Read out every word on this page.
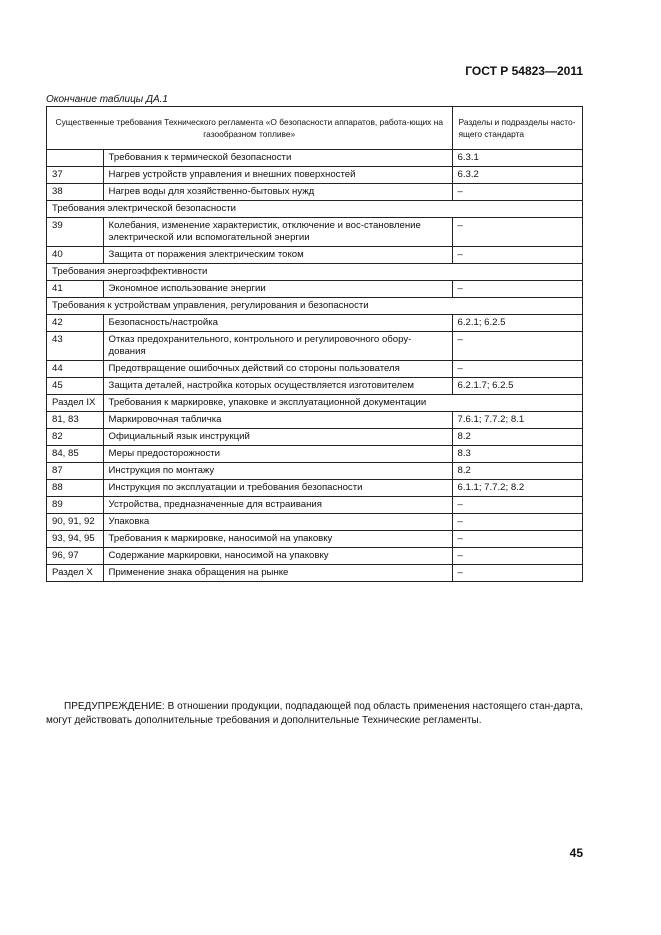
ГОСТ Р 54823—2011
Окончание таблицы ДА.1
Существенные требования Технического регламента «О безопасности аппаратов, работа-ющих на газообразном топливе»		Разделы и подразделы насто-ящего стандарта
	Требования к термической безопасности	6.3.1
37	Нагрев устройств управления и внешних поверхностей	6.3.2
38	Нагрев воды для хозяйственно-бытовых нужд	–
Требования электрической безопасности		
39	Колебания, изменение характеристик, отключение и вос-становление электрической или вспомогательной энергии	–
40	Защита от поражения электрическим током	–
Требования энергоэффективности		
41	Экономное использование энергии	–
Требования к устройствам управления, регулирования и безопасности		
42	Безопасность/настройка	6.2.1; 6.2.5
43	Отказ предохранительного, контрольного и регулировочного обору-дования	–
44	Предотвращение ошибочных действий со стороны пользователя	–
45	Защита деталей, настройка которых осуществляется изготовителем	6.2.1.7; 6.2.5
Раздел IX	Требования к маркировке, упаковке и эксплуатационной документации	
81, 83	Маркировочная табличка	7.6.1; 7.7.2; 8.1
82	Официальный язык инструкций	8.2
84, 85	Меры предосторожности	8.3
87	Инструкция по монтажу	8.2
88	Инструкция по эксплуатации и требования безопасности	6.1.1; 7.7.2; 8.2
89	Устройства, предназначенные для встраивания	–
90, 91, 92	Упаковка	–
93, 94, 95	Требования к маркировке, наносимой на упаковку	–
96, 97	Содержание маркировки, наносимой на упаковку	–
Раздел X	Применение знака обращения на рынке	–
ПРЕДУПРЕЖДЕНИЕ: В отношении продукции, подпадающей под область применения настоящего стан-дарта, могут действовать дополнительные требования и дополнительные Технические регламенты.
45
